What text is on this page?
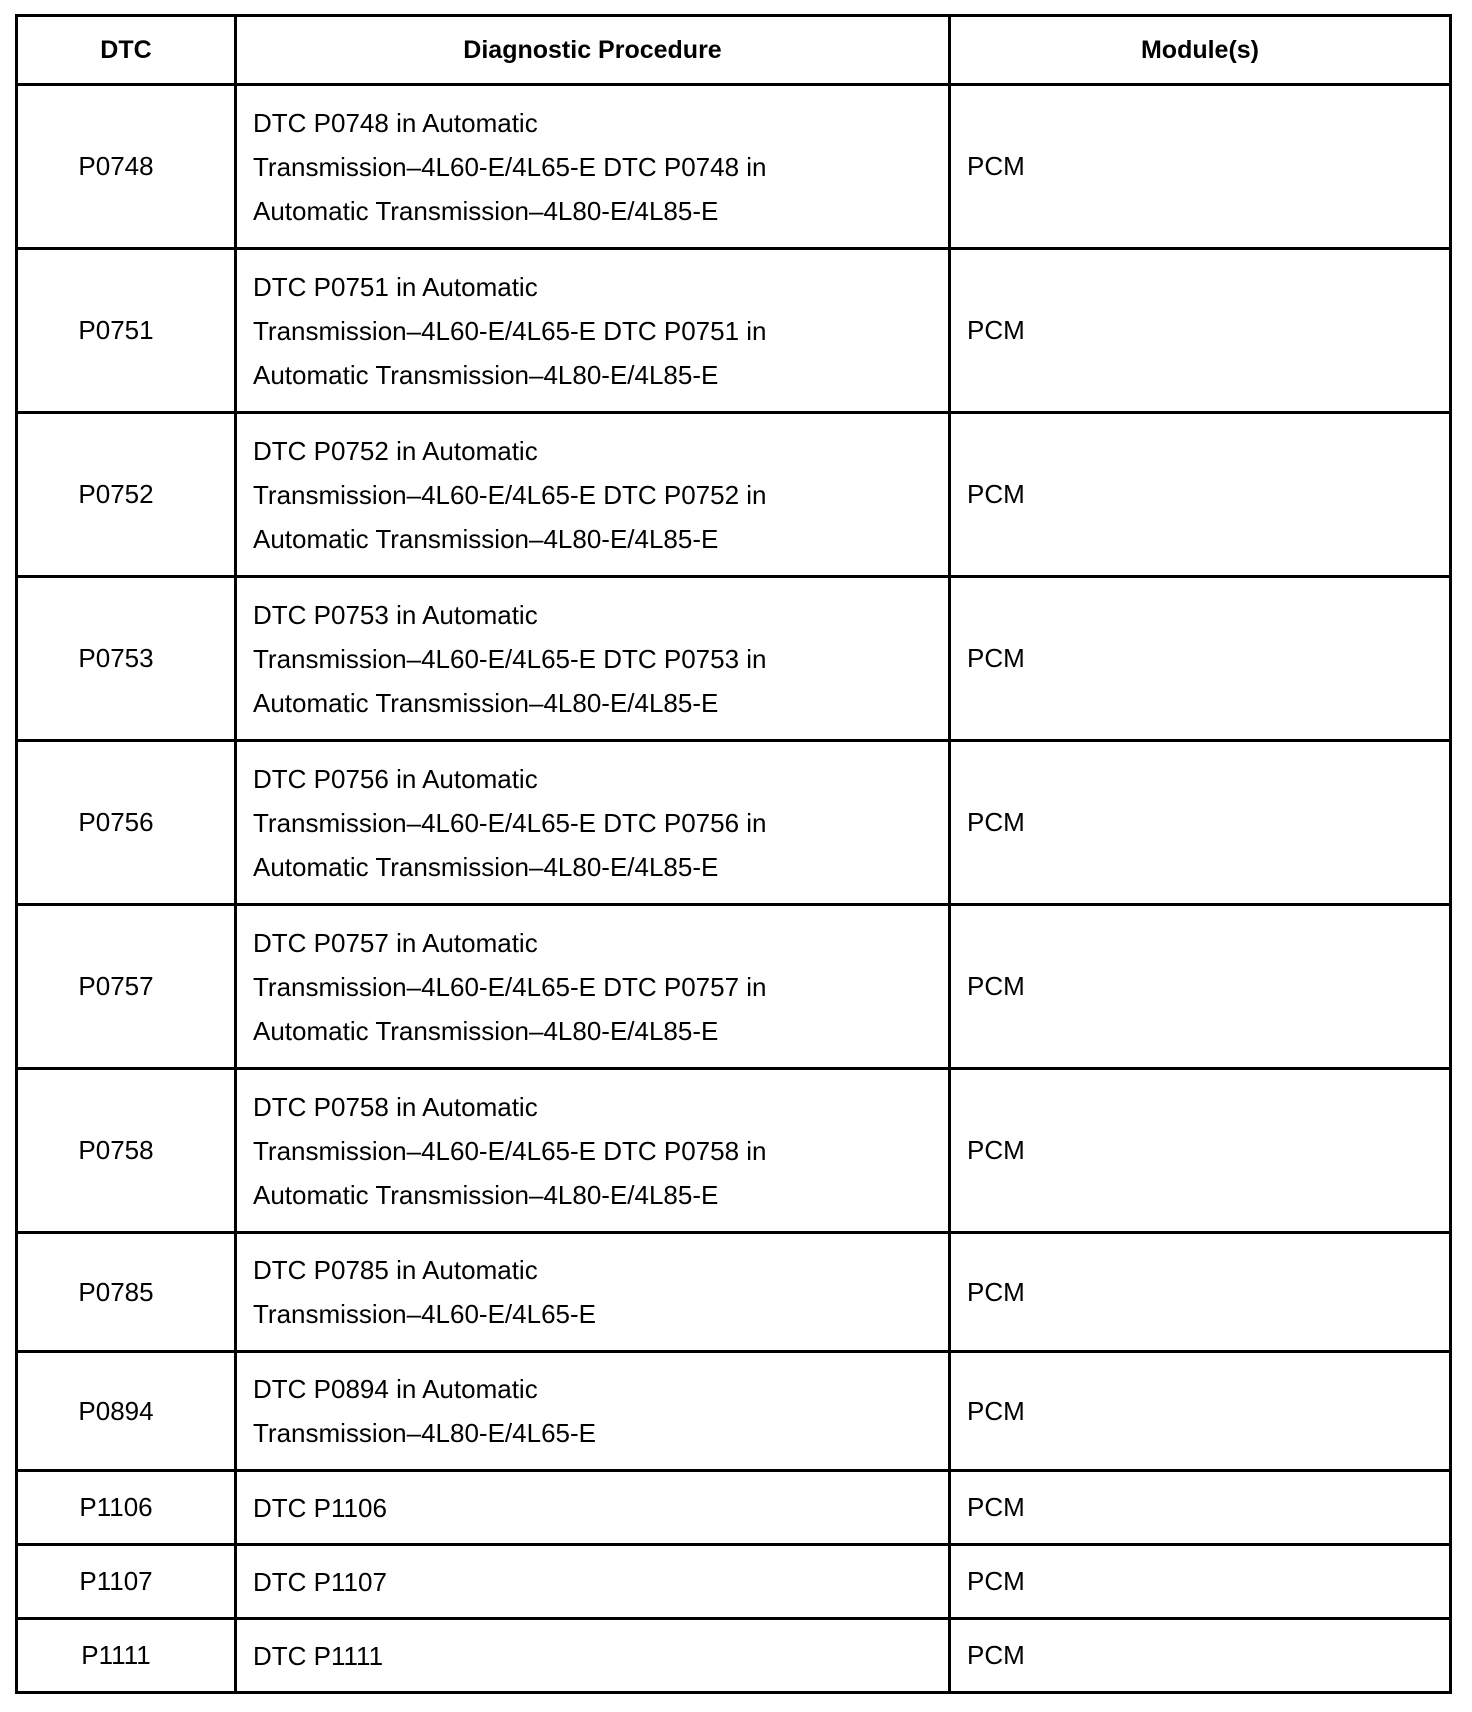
DTC	Diagnostic Procedure	Module(s)
P0748	DTC P0748 in Automatic
Transmission–4L60-E/4L65-E DTC P0748 in
Automatic Transmission–4L80-E/4L85-E	PCM
P0751	DTC P0751 in Automatic
Transmission–4L60-E/4L65-E DTC P0751 in
Automatic Transmission–4L80-E/4L85-E	PCM
P0752	DTC P0752 in Automatic
Transmission–4L60-E/4L65-E DTC P0752 in
Automatic Transmission–4L80-E/4L85-E	PCM
P0753	DTC P0753 in Automatic
Transmission–4L60-E/4L65-E DTC P0753 in
Automatic Transmission–4L80-E/4L85-E	PCM
P0756	DTC P0756 in Automatic
Transmission–4L60-E/4L65-E DTC P0756 in
Automatic Transmission–4L80-E/4L85-E	PCM
P0757	DTC P0757 in Automatic
Transmission–4L60-E/4L65-E DTC P0757 in
Automatic Transmission–4L80-E/4L85-E	PCM
P0758	DTC P0758 in Automatic
Transmission–4L60-E/4L65-E DTC P0758 in
Automatic Transmission–4L80-E/4L85-E	PCM
P0785	DTC P0785 in Automatic
Transmission–4L60-E/4L65-E	PCM
P0894	DTC P0894 in Automatic
Transmission–4L80-E/4L65-E	PCM
P1106	DTC P1106	PCM
P1107	DTC P1107	PCM
P1111	DTC P1111	PCM
